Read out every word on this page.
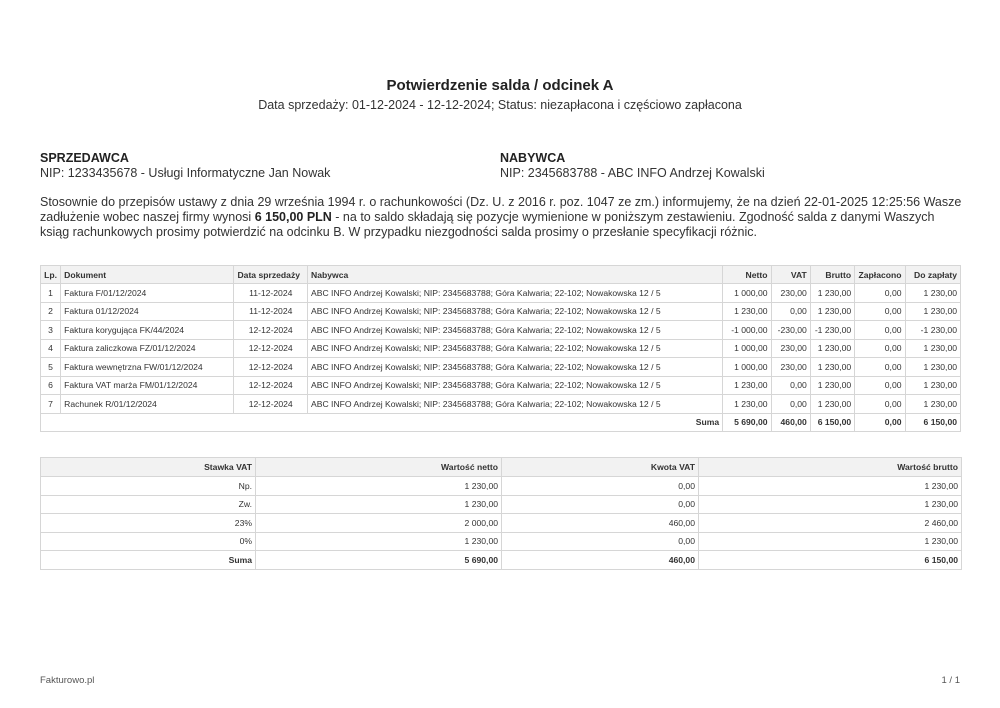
Potwierdzenie salda / odcinek A
Data sprzedaży: 01-12-2024 - 12-12-2024; Status: niezapłacona i częściowo zapłacona
SPRZEDAWCA
NIP: 1233435678 - Usługi Informatyczne Jan Nowak
NABYWCA
NIP: 2345683788 - ABC INFO Andrzej Kowalski
Stosownie do przepisów ustawy z dnia 29 września 1994 r. o rachunkowości (Dz. U. z 2016 r. poz. 1047 ze zm.) informujemy, że na dzień 22-01-2025 12:25:56 Wasze zadłużenie wobec naszej firmy wynosi 6 150,00 PLN - na to saldo składają się pozycje wymienione w poniższym zestawieniu. Zgodność salda z danymi Waszych ksiąg rachunkowych prosimy potwierdzić na odcinku B. W przypadku niezgodności salda prosimy o przesłanie specyfikacji różnic.
Lp.	Dokument	Data sprzedaży	Nabywca	Netto	VAT	Brutto	Zapłacono	Do zapłaty
1	Faktura F/01/12/2024	11-12-2024	ABC INFO Andrzej Kowalski; NIP: 2345683788; Góra Kalwaria; 22-102; Nowakowska 12 / 5	1 000,00	230,00	1 230,00	0,00	1 230,00
2	Faktura 01/12/2024	11-12-2024	ABC INFO Andrzej Kowalski; NIP: 2345683788; Góra Kalwaria; 22-102; Nowakowska 12 / 5	1 230,00	0,00	1 230,00	0,00	1 230,00
3	Faktura korygująca FK/44/2024	12-12-2024	ABC INFO Andrzej Kowalski; NIP: 2345683788; Góra Kalwaria; 22-102; Nowakowska 12 / 5	-1 000,00	-230,00	-1 230,00	0,00	-1 230,00
4	Faktura zaliczkowa FZ/01/12/2024	12-12-2024	ABC INFO Andrzej Kowalski; NIP: 2345683788; Góra Kalwaria; 22-102; Nowakowska 12 / 5	1 000,00	230,00	1 230,00	0,00	1 230,00
5	Faktura wewnętrzna FW/01/12/2024	12-12-2024	ABC INFO Andrzej Kowalski; NIP: 2345683788; Góra Kalwaria; 22-102; Nowakowska 12 / 5	1 000,00	230,00	1 230,00	0,00	1 230,00
6	Faktura VAT marża FM/01/12/2024	12-12-2024	ABC INFO Andrzej Kowalski; NIP: 2345683788; Góra Kalwaria; 22-102; Nowakowska 12 / 5	1 230,00	0,00	1 230,00	0,00	1 230,00
7	Rachunek R/01/12/2024	12-12-2024	ABC INFO Andrzej Kowalski; NIP: 2345683788; Góra Kalwaria; 22-102; Nowakowska 12 / 5	1 230,00	0,00	1 230,00	0,00	1 230,00
Suma				5 690,00	460,00	6 150,00	0,00	6 150,00
Stawka VAT	Wartość netto	Kwota VAT	Wartość brutto
Np.	1 230,00	0,00	1 230,00
Zw.	1 230,00	0,00	1 230,00
23%	2 000,00	460,00	2 460,00
0%	1 230,00	0,00	1 230,00
Suma	5 690,00	460,00	6 150,00
Fakturowo.pl	1 / 1
